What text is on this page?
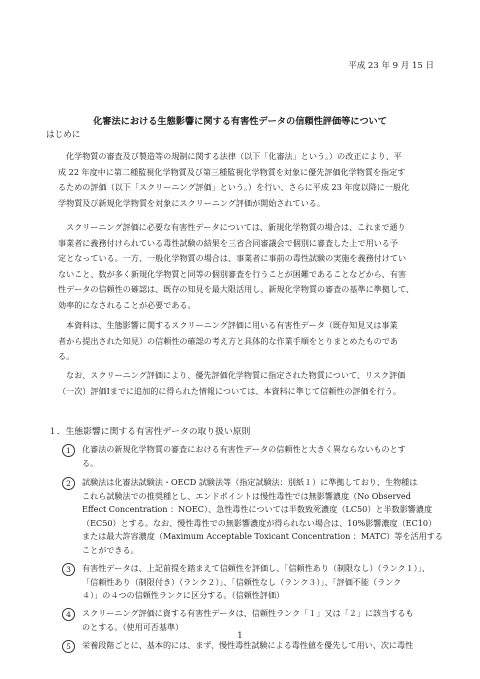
平成 23 年 9 月 15 日
化審法における生態影響に関する有害性データの信頼性評価等について
はじめに

化学物質の審査及び製造等の規制に関する法律（以下「化審法」という。）の改正により、平
成 22 年度中に第二種監視化学物質及び第三種監視化学物質を対象に優先評価化学物質を指定す
るための評価（以下「スクリーニング評価」という。）を行い、さらに平成 23 年度以降に一般化
学物質及び新規化学物質を対象にスクリーニング評価が開始されている。

スクリーニング評価に必要な有害性データについては、新規化学物質の場合は、これまで通り
事業者に義務付けられている毒性試験の結果を三省合同審議会で個別に審査した上で用いる予
定となっている。一方、一般化学物質の場合は、事業者に事前の毒性試験の実施を義務付けてい
ないこと、数が多く新規化学物質と同等の個別審査を行うことが困難であることなどから、有害
性データの信頼性の確認は、既存の知見を最大限活用し、新規化学物質の審査の基準に準拠して、
効率的になされることが必要である。

本資料は、生態影響に関するスクリーニング評価に用いる有害性データ（既存知見又は事業
者から提出された知見）の信頼性の確認の考え方と具体的な作業手順をとりまとめたものであ
る。

なお、スクリーニング評価により、優先評価化学物質に指定された物質について、リスク評価
（一次）評価Ⅰまでに追加的に得られた情報については、本資料に準じて信頼性の評価を行う。

１．生態影響に関する有害性データの取り扱い原則
1	化審法の新規化学物質の審査における有害性データの信頼性と大きく異ならないものとす
る。
2	試験法は化審法試験法・OECD 試験法等（指定試験法：別紙１）に準拠しており、生物種は
これら試験法での推奨種とし、エンドポイントは慢性毒性では無影響濃度（No Observed
Effect Concentration ：NOEC）、急性毒性については半数致死濃度（LC50）と半数影響濃度
（EC50）とする。なお、慢性毒性での無影響濃度が得られない場合は、10%影響濃度（EC10）
または最大許容濃度（Maximum Acceptable Toxicant Concentration ：MATC）等を活用する
ことができる。
3	有害性データは、上記前提を踏まえて信頼性を評価し、｢信頼性あり（制限なし）（ランク１）｣、
「信頼性あり（制限付き）（ランク２）」、「信頼性なし（ランク３）」、「評価不能（ランク
４）」の４つの信頼性ランクに区分する。（信頼性評価）
4	スクリーニング評価に資する有害性データは、信頼性ランク「１」又は「２」に該当するも
のとする。（使用可否基準）
5	栄養段階ごとに、基本的には、まず、慢性毒性試験による毒性値を優先して用い、次に毒性
1
